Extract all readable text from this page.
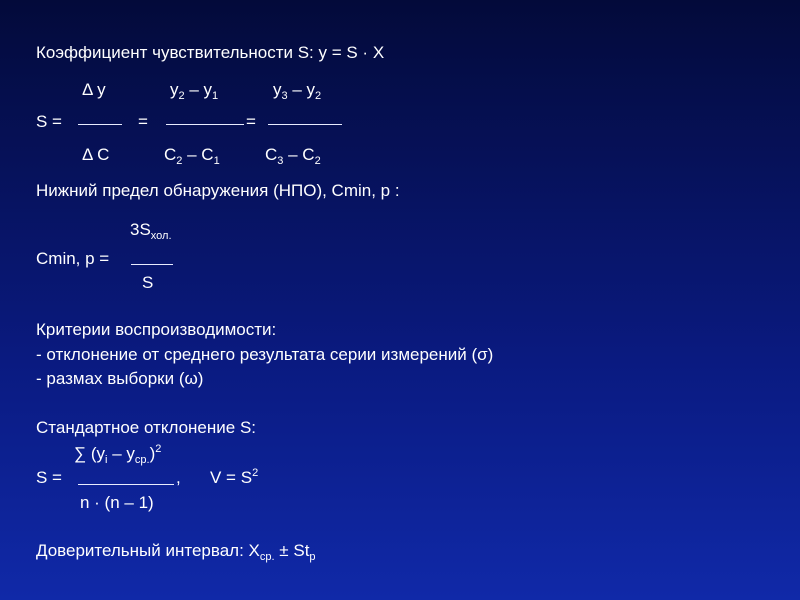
Коэффициент чувствительности S: y = S · X
Δ y	$y_2 - y_1$	$y_3 - y_2$
S =	=	=
Δ C	$C_2 - C_1$	$C_3 - C_2$
Нижний предел обнаружения (НПО), Cmin, p :
$3S_{хол.}$
Cmin, p =
S
Критерии воспроизводимости:
- отклонение от среднего результата серии измерений (σ)
- размах выборки (ω)
Стандартное отклонение S:
∑ $(y_i - y_{ср.})^2$
S =	, $V = S^2$
n · (n – 1)
Доверительный интервал: $X_{ср.} \pm St_p$
